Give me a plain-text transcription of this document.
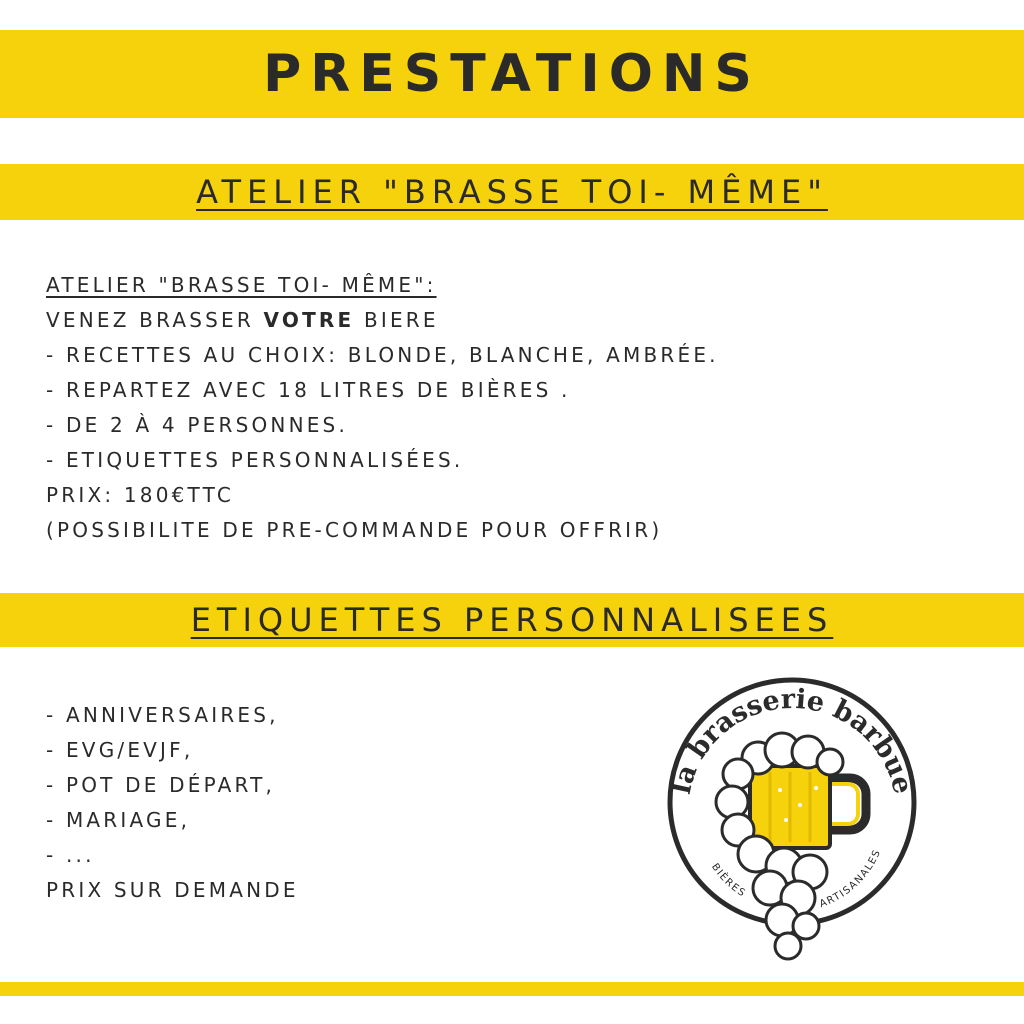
PRESTATIONS
ATELIER "BRASSE TOI- MÊME"
ATELIER "BRASSE TOI- MÊME":
VENEZ BRASSER VOTRE BIERE
- RECETTES AU CHOIX: BLONDE, BLANCHE, AMBRÉE.
- REPARTEZ AVEC 18 LITRES DE BIÈRES .
- DE 2 À 4 PERSONNES.
- ETIQUETTES PERSONNALISÉES.
PRIX: 180€TTC
(POSSIBILITE DE PRE-COMMANDE POUR OFFRIR)
ETIQUETTES PERSONNALISEES
- ANNIVERSAIRES,
- EVG/EVJF,
- POT DE DÉPART,
- MARIAGE,
- ...
PRIX SUR DEMANDE
la brasserie barbue
BIÈRES
ARTISANALES
